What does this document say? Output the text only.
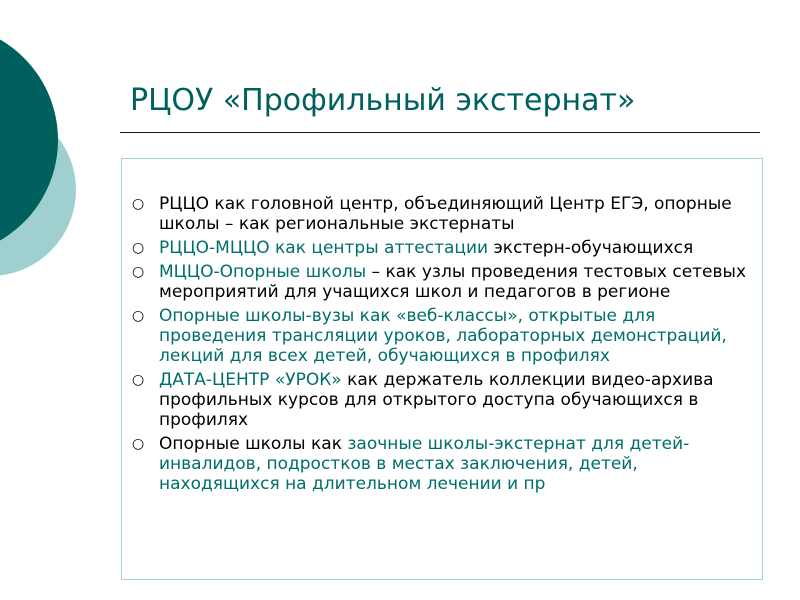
РЦОУ «Профильный экстернат»
○ РЦЦО как головной центр, объединяющий Центр ЕГЭ, опорные школы – как региональные экстернаты
○ РЦЦО-МЦЦО как центры аттестации экстерн-обучающихся
○ МЦЦО-Опорные школы – как узлы проведения тестовых сетевых мероприятий для учащихся школ и педагогов в регионе
○ Опорные школы-вузы как «веб-классы», открытые для проведения трансляции уроков, лабораторных демонстраций, лекций для всех детей, обучающихся в профилях
○ ДАТА-ЦЕНТР «УРОК» как держатель коллекции видео-архива профильных курсов для открытого доступа обучающихся в профилях
○ Опорные школы как заочные школы-экстернат для детей-инвалидов, подростков в местах заключения, детей, находящихся на длительном лечении и пр
